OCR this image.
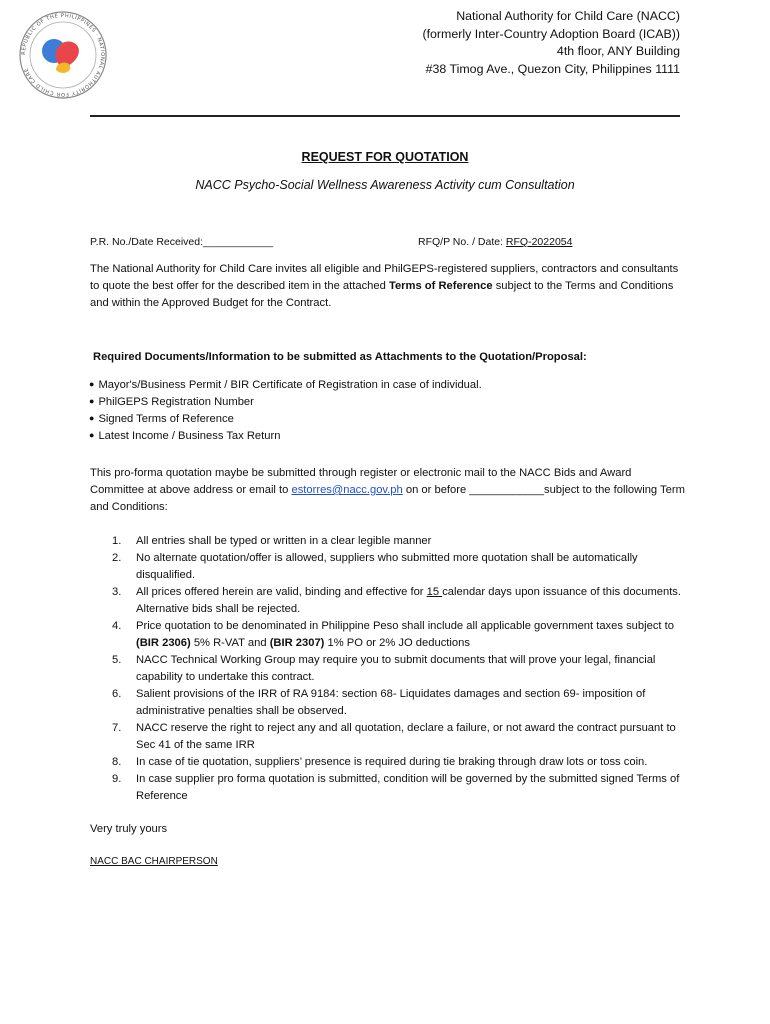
REPUBLIC OF THE PHILIPPINES · NATIONAL AUTHORITY FOR CHILD CARE
National Authority for Child Care (NACC)
(formerly Inter-Country Adoption Board (ICAB))
4th floor, ANY Building
#38 Timog Ave., Quezon City, Philippines 1111
REQUEST FOR QUOTATION
NACC Psycho-Social Wellness Awareness Activity cum Consultation
P.R. No./Date Received:____________	RFQ/P No. / Date: RFQ-2022054
The National Authority for Child Care invites all eligible and PhilGEPS-registered suppliers, contractors and consultants to quote the best offer for the described item in the attached Terms of Reference subject to the Terms and Conditions and within the Approved Budget for the Contract.
Required Documents/Information to be submitted as Attachments to the Quotation/Proposal:
● Mayor's/Business Permit / BIR Certificate of Registration in case of individual.
● PhilGEPS Registration Number
● Signed Terms of Reference
● Latest Income / Business Tax Return
This pro-forma quotation maybe be submitted through register or electronic mail to the NACC Bids and Award Committee at above address or email to estorres@nacc.gov.ph on or before ____________subject to the following Term and Conditions:
1. All entries shall be typed or written in a clear legible manner
2. No alternate quotation/offer is allowed, suppliers who submitted more quotation shall be automatically disqualified.
3. All prices offered herein are valid, binding and effective for 15 calendar days upon issuance of this documents. Alternative bids shall be rejected.
4. Price quotation to be denominated in Philippine Peso shall include all applicable government taxes subject to (BIR 2306) 5% R-VAT and (BIR 2307) 1% PO or 2% JO deductions
5. NACC Technical Working Group may require you to submit documents that will prove your legal, financial capability to undertake this contract.
6. Salient provisions of the IRR of RA 9184: section 68- Liquidates damages and section 69- imposition of administrative penalties shall be observed.
7. NACC reserve the right to reject any and all quotation, declare a failure, or not award the contract pursuant to Sec 41 of the same IRR
8. In case of tie quotation, suppliers’ presence is required during tie braking through draw lots or toss coin.
9. In case supplier pro forma quotation is submitted, condition will be governed by the submitted signed Terms of Reference
Very truly yours
NACC BAC CHAIRPERSON
